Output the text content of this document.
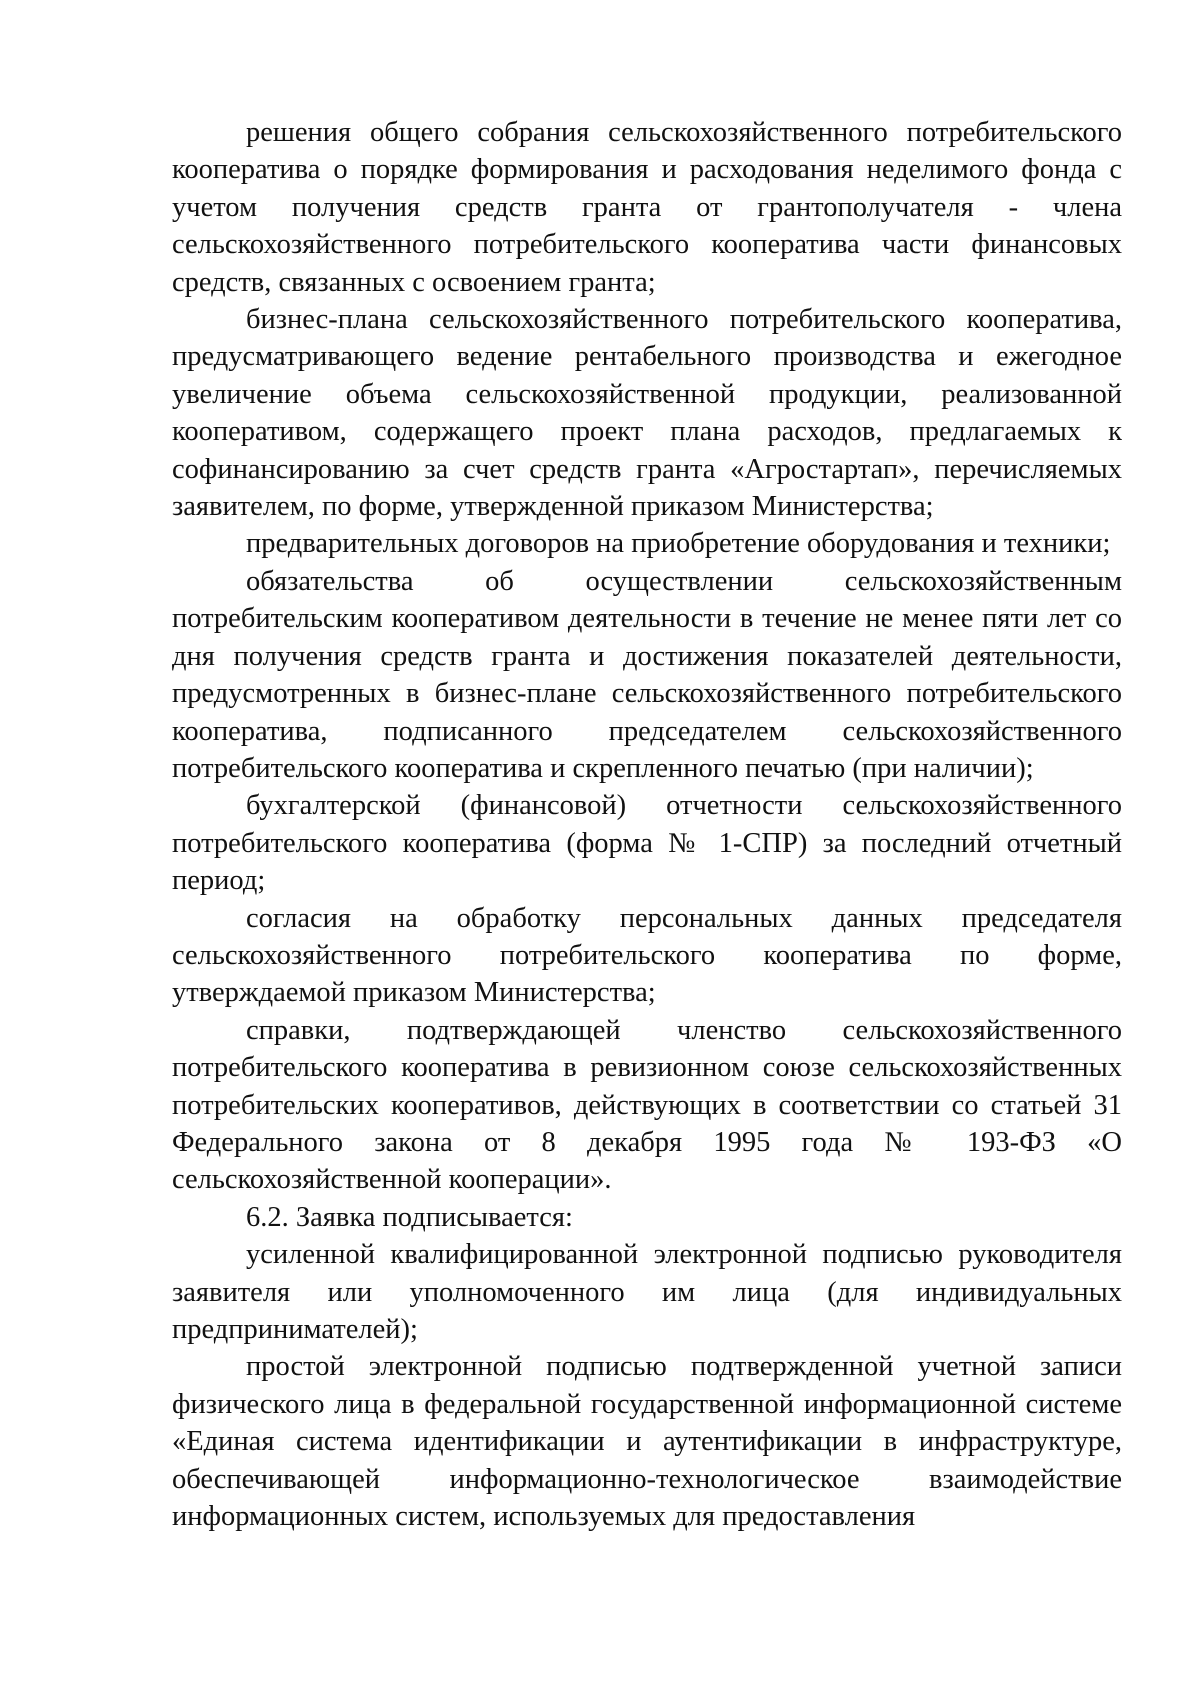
решения общего собрания сельскохозяйственного потребительского кооператива о порядке формирования и расходования неделимого фонда с учетом получения средств гранта от грантополучателя - члена сельскохозяйственного потребительского кооператива части финансовых средств, связанных с освоением гранта;

бизнес-плана сельскохозяйственного потребительского кооператива, предусматривающего ведение рентабельного производства и ежегодное увеличение объема сельскохозяйственной продукции, реализованной кооперативом, содержащего проект плана расходов, предлагаемых к софинансированию за счет средств гранта «Агростартап», перечисляемых заявителем, по форме, утвержденной приказом Министерства;

предварительных договоров на приобретение оборудования и техники;

обязательства об осуществлении сельскохозяйственным потребительским кооперативом деятельности в течение не менее пяти лет со дня получения средств гранта и достижения показателей деятельности, предусмотренных в бизнес-плане сельскохозяйственного потребительского кооператива, подписанного председателем сельскохозяйственного потребительского кооператива и скрепленного печатью (при наличии);

бухгалтерской (финансовой) отчетности сельскохозяйственного потребительского кооператива (форма № 1-СПР) за последний отчетный период;

согласия на обработку персональных данных председателя сельскохозяйственного потребительского кооператива по форме, утверждаемой приказом Министерства;

справки, подтверждающей членство сельскохозяйственного потребительского кооператива в ревизионном союзе сельскохозяйственных потребительских кооперативов, действующих в соответствии со статьей 31 Федерального закона от 8 декабря 1995 года № 193-ФЗ «О сельскохозяйственной кооперации».

6.2. Заявка подписывается:

усиленной квалифицированной электронной подписью руководителя заявителя или уполномоченного им лица (для индивидуальных предпринимателей);

простой электронной подписью подтвержденной учетной записи физического лица в федеральной государственной информационной системе «Единая система идентификации и аутентификации в инфраструктуре, обеспечивающей информационно-технологическое взаимодействие информационных систем, используемых для предоставления
